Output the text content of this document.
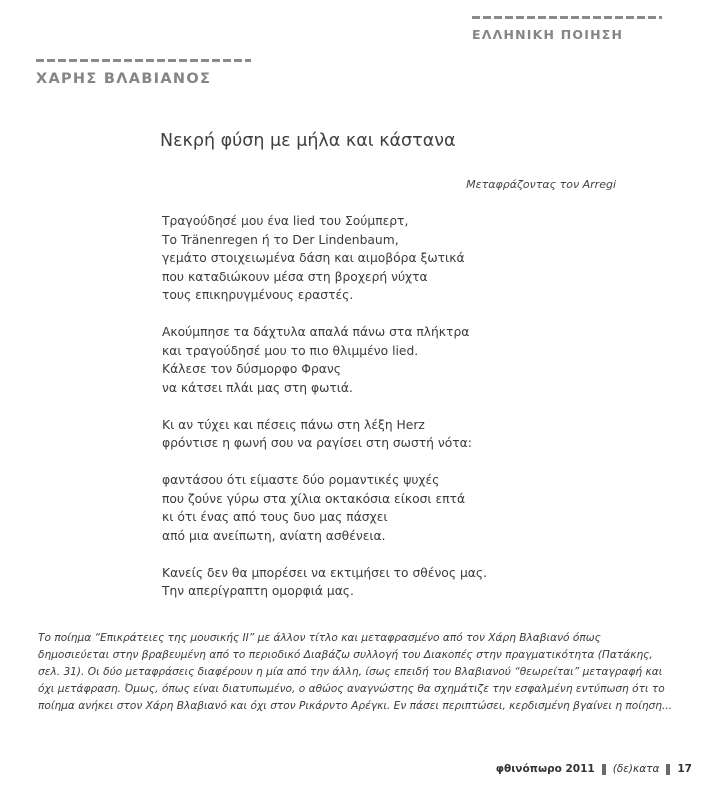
ΧΑΡΗΣ ΒΛΑΒΙΑΝΟΣ
ΕΛΛΗΝΙΚΗ ΠΟΙΗΣΗ
Νεκρή φύση με μήλα και κάστανα
Μεταφράζοντας τον Arregi
Τραγούδησέ μου ένα lied του Σούμπερτ,
Το Tränenregen ή το Der Lindenbaum,
γεμάτο στοιχειωμένα δάση και αιμοβόρα ξωτικά
που καταδιώκουν μέσα στη βροχερή νύχτα
τους επικηρυγμένους εραστές.
Ακούμπησε τα δάχτυλα απαλά πάνω στα πλήκτρα
και τραγούδησέ μου το πιο θλιμμένο lied.
Κάλεσε τον δύσμορφο Φρανς
να κάτσει πλάι μας στη φωτιά.
Κι αν τύχει και πέσεις πάνω στη λέξη Herz
φρόντισε η φωνή σου να ραγίσει στη σωστή νότα:
φαντάσου ότι είμαστε δύο ρομαντικές ψυχές
που ζούνε γύρω στα χίλια οκτακόσια είκοσι επτά
κι ότι ένας από τους δυο μας πάσχει
από μια ανείπωτη, ανίατη ασθένεια.
Κανείς δεν θα μπορέσει να εκτιμήσει το σθένος μας.
Την απερίγραπτη ομορφιά μας.
Το ποίημα “Επικράτειες της μουσικής II” με άλλον τίτλο και μεταφρασμένο από τον Χάρη Βλαβιανό όπως
δημοσιεύεται στην βραβευμένη από το περιοδικό Διαβάζω συλλογή του Διακοπές στην πραγματικότητα (Πατάκης,
σελ. 31). Οι δύο μεταφράσεις διαφέρουν η μία από την άλλη, ίσως επειδή του Βλαβιανού “θεωρείται” μεταγραφή και
όχι μετάφραση. Όμως, όπως είναι διατυπωμένο, ο αθώος αναγνώστης θα σχημάτιζε την εσφαλμένη εντύπωση ότι το
ποίημα ανήκει στον Χάρη Βλαβιανό και όχι στον Ρικάρντο Αρέγκι. Εν πάσει περιπτώσει, κερδισμένη βγαίνει η ποίηση...
φθινόπωρο 2011 (δε)κατα 17
